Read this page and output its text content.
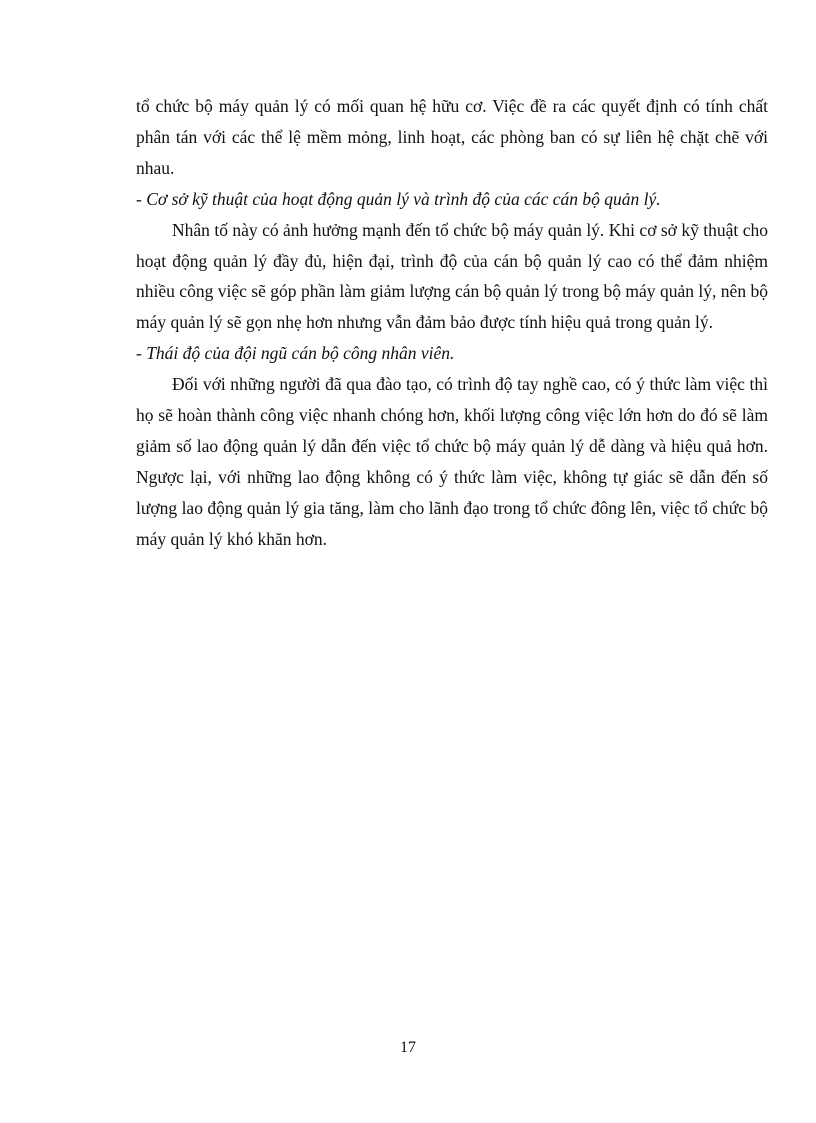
tổ chức bộ máy quản lý có mối quan hệ hữu cơ. Việc đề ra các quyết định có tính chất phân tán với các thể lệ mềm mỏng, linh hoạt, các phòng ban có sự liên hệ chặt chẽ với nhau.

- Cơ sở kỹ thuật của hoạt động quản lý và trình độ của các cán bộ quản lý.

Nhân tố này có ảnh hưởng mạnh đến tổ chức bộ máy quản lý. Khi cơ sở kỹ thuật cho hoạt động quản lý đầy đủ, hiện đại, trình độ của cán bộ quản lý cao có thể đảm nhiệm nhiều công việc sẽ góp phần làm giảm lượng cán bộ quản lý trong bộ máy quản lý, nên bộ máy quản lý sẽ gọn nhẹ hơn nhưng vẫn đảm bảo được tính hiệu quả trong quản lý.

- Thái độ của đội ngũ cán bộ công nhân viên.

Đối với những người đã qua đào tạo, có trình độ tay nghề cao, có ý thức làm việc thì họ sẽ hoàn thành công việc nhanh chóng hơn, khối lượng công việc lớn hơn do đó sẽ làm giảm số lao động quản lý dẫn đến việc tổ chức bộ máy quản lý dễ dàng và hiệu quả hơn. Ngược lại, với những lao động không có ý thức làm việc, không tự giác sẽ dẫn đến số lượng lao động quản lý gia tăng, làm cho lãnh đạo trong tổ chức đông lên, việc tổ chức bộ máy quản lý khó khăn hơn.

17
